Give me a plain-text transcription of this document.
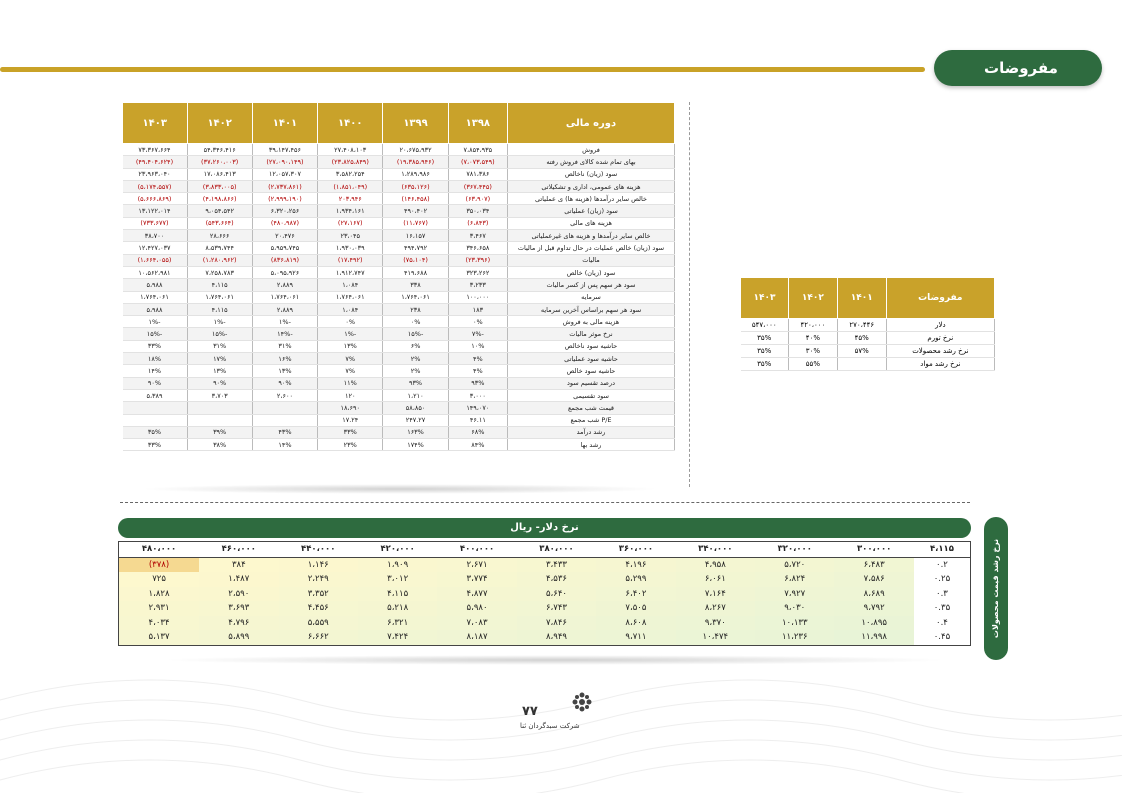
مفروضات
دوره مالی	۱۳۹۸	۱۳۹۹	۱۴۰۰	۱۴۰۱	۱۴۰۲	۱۴۰۳
فروش	۷،۸۵۴،۹۳۵	۲۰،۶۷۵،۹۳۲	۲۷،۴۰۸،۱۰۳	۳۹،۱۴۷،۴۵۶	۵۴،۳۴۶،۴۱۶	۷۳،۳۶۷،۶۶۴
بهای تمام شده کالای فروش رفته	(۷،۰۷۳،۵۴۹)	(۱۹،۳۸۵،۹۴۶)	(۲۳،۸۲۵،۸۴۹)	(۲۷،۰۹۰،۱۴۹)	(۳۷،۲۶۰،۰۰۳)	(۴۹،۴۰۴،۶۲۴)
سود (زیان) ناخالص	۷۸۱،۳۸۶	۱،۲۸۹،۹۸۶	۳،۵۸۲،۲۵۴	۱۲،۰۵۷،۳۰۷	۱۷،۰۸۶،۴۱۳	۲۳،۹۶۳،۰۴۰
هزینه های عمومی، اداری و تشکیلاتی	(۳۶۷،۴۴۵)	(۶۳۵،۱۲۶)	(۱،۸۵۱،۰۴۹)	(۲،۷۳۷،۸۶۱)	(۳،۸۳۳،۰۰۵)	(۵،۱۷۴،۵۵۷)
خالص سایر درآمدها (هزینه ها) ی عملیاتی	(۶۳،۹۰۷)	(۱۴۶،۴۵۸)	۲۰۳،۹۴۶	(۲،۹۹۹،۱۹۰)	(۴،۱۹۸،۸۶۶)	(۵،۶۶۶،۸۶۹)
سود (زیان) عملیاتی	۳۵۰،۰۳۴	۴۹۰،۴۰۲	۱،۹۳۴،۱۶۱	۶،۳۲۰،۲۵۶	۹،۰۵۴،۵۴۲	۱۳،۱۲۲،۰۱۴
هزینه های مالی	(۶،۸۴۳)	(۱۱،۷۶۷)	(۲۷،۱۶۷)	(۴۸۰،۹۸۷)	(۵۴۳،۶۶۴)	(۷۳۳،۶۷۷)
خالص سایر درآمدها و هزینه های غیرعملیاتی	۳،۴۶۷	۱۶،۱۵۷	۲۳،۰۴۵	۲۰،۴۷۶	۲۸،۶۶۶	۳۸،۷۰۰
سود (زیان) خالص عملیات در حال تداوم قبل از مالیات	۳۴۶،۶۵۸	۴۹۴،۷۹۲	۱،۹۳۰،۰۳۹	۵،۹۵۹،۷۴۵	۸،۵۳۹،۷۴۴	۱۲،۴۲۷،۰۳۷
مالیات	(۲۳،۳۹۶)	(۷۵،۱۰۴)	(۱۷،۴۹۲)	(۸۳۶،۸۱۹)	(۱،۲۸۰،۹۶۲)	(۱،۶۶۴،۰۵۵)
سود (زیان) خالص	۳۲۳،۲۶۲	۴۱۹،۶۸۸	۱،۹۱۲،۷۴۷	۵،۰۹۵،۹۲۶	۷،۲۵۸،۷۸۳	۱۰،۵۶۲،۹۸۱
سود هر سهم پس از کسر مالیات	۳،۲۳۳	۳۳۸	۱،۰۸۴	۲،۸۸۹	۴،۱۱۵	۵،۹۸۸
سرمایه	۱۰۰،۰۰۰	۱،۷۶۴،۰۶۱	۱،۷۶۴،۰۶۱	۱،۷۶۴،۰۶۱	۱،۷۶۴،۰۶۱	۱،۷۶۴،۰۶۱
سود هر سهم براساس آخرین سرمایه	۱۸۳	۲۳۸	۱،۰۸۴	۲،۸۸۹	۴،۱۱۵	۵،۹۸۸
هزینه مالی به فروش	۰%	۰%	۰%	-۱%	-۱%	-۱%
نرخ موثر مالیات	-۷%	-۱۵%	-۱%	-۱۴%	-۱۵%	-۱۵%
حاشیه سود ناخالص	۱۰%	۶%	۱۳%	۳۱%	۳۱%	۳۳%
حاشیه سود عملیاتی	۴%	۲%	۷%	۱۶%	۱۷%	۱۸%
حاشیه سود خالص	۴%	۲%	۷%	۱۳%	۱۳%	۱۴%
درصد تقسیم سود	۹۳%	۹۳%	۱۱%	۹۰%	۹۰%	۹۰%
سود تقسیمی	۳،۰۰۰	۱،۲۱۰	۱۲۰	۲،۶۰۰	۳،۷۰۳	۵،۳۸۹
قیمت شب مجمع	۱۴۹،۰۷۰	۵۸،۸۵۰	۱۸،۶۹۰			
P/E شب مجمع	۴۶.۱۱	۲۴۷.۲۷	۱۷.۲۴			
رشد درآمد	۶۸%	۱۶۳%	۳۳%	۴۳%	۳۹%	۳۵%
رشد بها	۸۴%	۱۷۴%	۲۳%	۱۴%	۳۸%	۳۳%
مفروضات	۱۴۰۱	۱۴۰۲	۱۴۰۳
دلار	۲۷۰،۴۴۶	۴۲۰،۰۰۰	۵۴۷،۰۰۰
نرخ تورم	۴۵%	۴۰%	۳۵%
نرخ رشد محصولات	۵۷%	۳۰%	۳۵%
نرخ رشد مواد		۵۵%	۳۵%
نرخ دلار- ریال
نرخ رشد قیمت محصولات
۴۸۰،۰۰۰	۴۶۰،۰۰۰	۴۴۰،۰۰۰	۴۲۰،۰۰۰	۴۰۰،۰۰۰	۳۸۰،۰۰۰	۳۶۰،۰۰۰	۳۴۰،۰۰۰	۳۲۰،۰۰۰	۳۰۰،۰۰۰	۴،۱۱۵
(۳۷۸)	۳۸۴	۱،۱۴۶	۱،۹۰۹	۲،۶۷۱	۳،۴۳۳	۴،۱۹۶	۴،۹۵۸	۵،۷۲۰	۶،۴۸۳	۰.۲
۷۲۵	۱،۴۸۷	۲،۲۴۹	۳،۰۱۲	۳،۷۷۴	۴،۵۳۶	۵،۲۹۹	۶،۰۶۱	۶،۸۲۴	۷،۵۸۶	۰.۲۵
۱،۸۲۸	۲،۵۹۰	۳،۳۵۲	۴،۱۱۵	۴،۸۷۷	۵،۶۴۰	۶،۴۰۲	۷،۱۶۴	۷،۹۲۷	۸،۶۸۹	۰.۳
۲،۹۳۱	۳،۶۹۳	۴،۴۵۶	۵،۲۱۸	۵،۹۸۰	۶،۷۴۳	۷،۵۰۵	۸،۲۶۷	۹،۰۳۰	۹،۷۹۲	۰.۳۵
۴،۰۳۴	۴،۷۹۶	۵،۵۵۹	۶،۳۲۱	۷،۰۸۳	۷،۸۴۶	۸،۶۰۸	۹،۳۷۰	۱۰،۱۳۳	۱۰،۸۹۵	۰.۴
۵،۱۳۷	۵،۸۹۹	۶،۶۶۲	۷،۴۲۴	۸،۱۸۷	۸،۹۴۹	۹،۷۱۱	۱۰،۴۷۴	۱۱،۲۳۶	۱۱،۹۹۸	۰.۴۵
۷۷
شرکت سبدگردان ثنا
